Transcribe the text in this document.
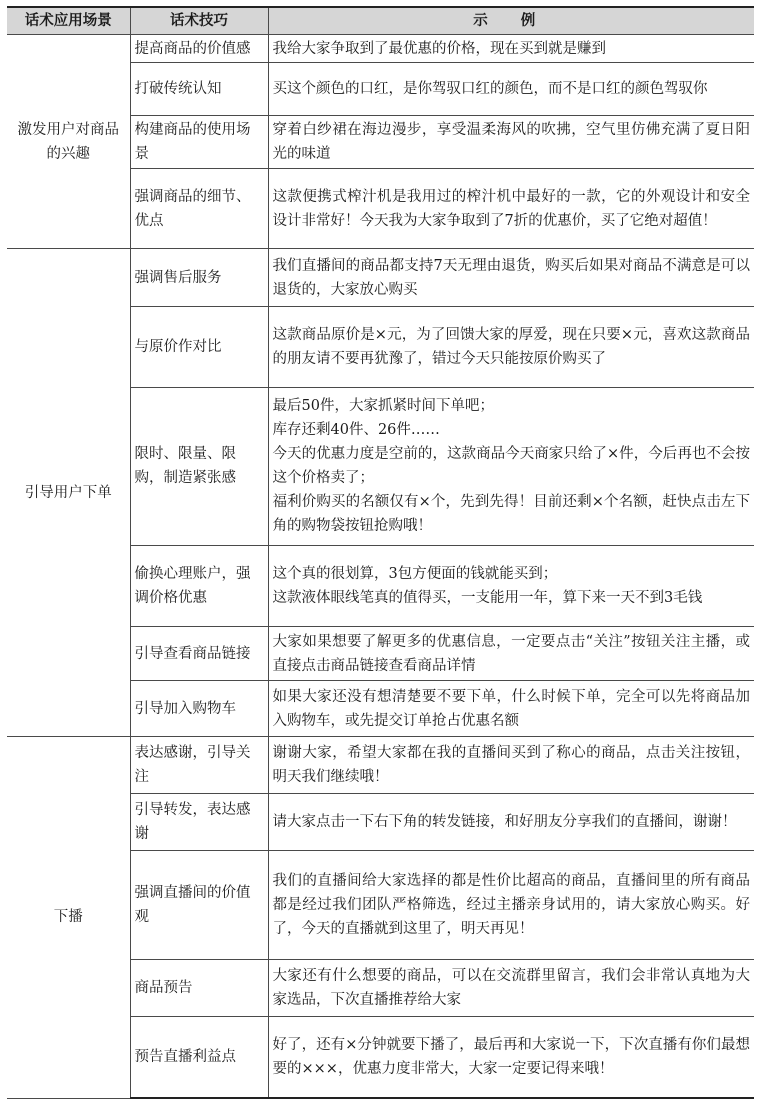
话术应用场景	话术技巧	示 例
激发用户对商品的兴趣	提高商品的价值感	我给大家争取到了最优惠的价格，现在买到就是赚到
	打破传统认知	买这个颜色的口红，是你驾驭口红的颜色，而不是口红的颜色驾驭你
	构建商品的使用场景	穿着白纱裙在海边漫步，享受温柔海风的吹拂，空气里仿佛充满了夏日阳光的味道
	强调商品的细节、优点	这款便携式榨汁机是我用过的榨汁机中最好的一款，它的外观设计和安全设计非常好！今天我为大家争取到了7折的优惠价，买了它绝对超值！
引导用户下单	强调售后服务	我们直播间的商品都支持7天无理由退货，购买后如果对商品不满意是可以退货的，大家放心购买
	与原价作对比	这款商品原价是×元，为了回馈大家的厚爱，现在只要×元，喜欢这款商品的朋友请不要再犹豫了，错过今天只能按原价购买了
	限时、限量、限购，制造紧张感	最后50件，大家抓紧时间下单吧；
库存还剩40件、26件……
今天的优惠力度是空前的，这款商品今天商家只给了×件，今后再也不会按这个价格卖了；
福利价购买的名额仅有×个，先到先得！目前还剩×个名额，赶快点击左下角的购物袋按钮抢购哦！

	偷换心理账户，强调价格优惠	这个真的很划算，3包方便面的钱就能买到；
这款液体眼线笔真的值得买，一支能用一年，算下来一天不到3毛钱

	引导查看商品链接	大家如果想要了解更多的优惠信息，一定要点击“关注”按钮关注主播，或直接点击商品链接查看商品详情
	引导加入购物车	如果大家还没有想清楚要不要下单，什么时候下单，完全可以先将商品加入购物车，或先提交订单抢占优惠名额
下播	表达感谢，引导关注	谢谢大家，希望大家都在我的直播间买到了称心的商品，点击关注按钮，明天我们继续哦！
	引导转发，表达感谢	请大家点击一下右下角的转发链接，和好朋友分享我们的直播间，谢谢！
	强调直播间的价值观	我们的直播间给大家选择的都是性价比超高的商品，直播间里的所有商品都是经过我们团队严格筛选，经过主播亲身试用的，请大家放心购买。好了，今天的直播就到这里了，明天再见！
	商品预告	大家还有什么想要的商品，可以在交流群里留言，我们会非常认真地为大家选品，下次直播推荐给大家
	预告直播利益点	好了，还有×分钟就要下播了，最后再和大家说一下，下次直播有你们最想要的×××，优惠力度非常大，大家一定要记得来哦！
